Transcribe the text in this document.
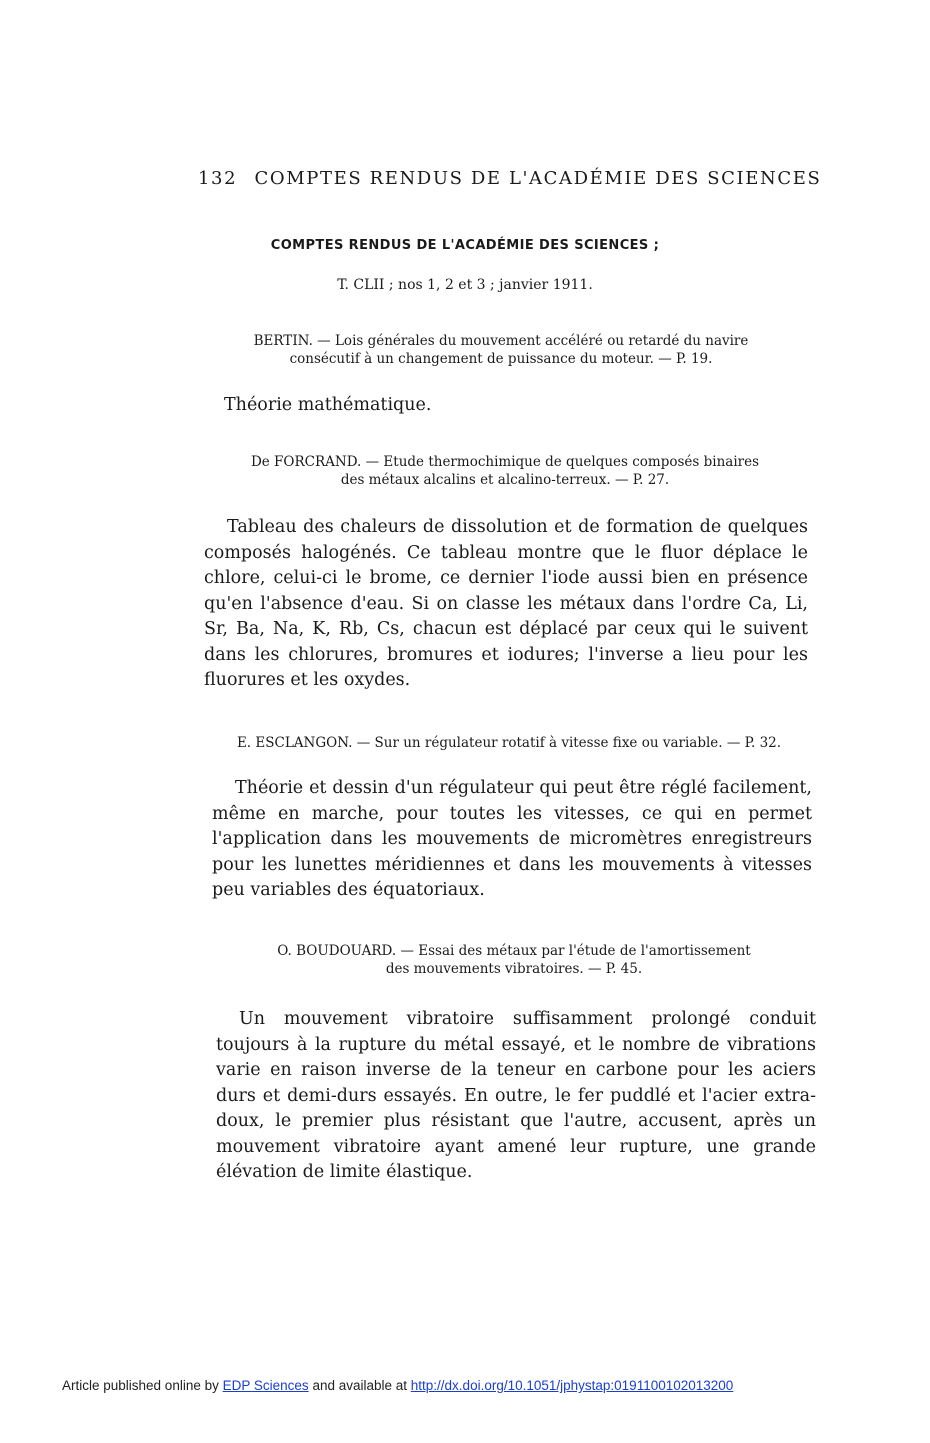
132 COMPTES RENDUS DE L'ACADÉMIE DES SCIENCES
COMPTES RENDUS DE L'ACADÉMIE DES SCIENCES ;
T. CLII ; nos 1, 2 et 3 ; janvier 1911.
BERTIN. — Lois générales du mouvement accéléré ou retardé du navire
consécutif à un changement de puissance du moteur. — P. 19.
Théorie mathématique.
De FORCRAND. — Etude thermochimique de quelques composés binaires
des métaux alcalins et alcalino-terreux. — P. 27.
Tableau des chaleurs de dissolution et de formation de quelques composés halogénés. Ce tableau montre que le fluor déplace le chlore, celui-ci le brome, ce dernier l'iode aussi bien en présence qu'en l'absence d'eau. Si on classe les métaux dans l'ordre Ca, Li, Sr, Ba, Na, K, Rb, Cs, chacun est déplacé par ceux qui le suivent dans les chlorures, bromures et iodures; l'inverse a lieu pour les fluorures et les oxydes.
E. ESCLANGON. — Sur un régulateur rotatif à vitesse fixe ou variable. — P. 32.
Théorie et dessin d'un régulateur qui peut être réglé facilement, même en marche, pour toutes les vitesses, ce qui en permet l'application dans les mouvements de micromètres enregistreurs pour les lunettes méridiennes et dans les mouvements à vitesses peu variables des équatoriaux.
O. BOUDOUARD. — Essai des métaux par l'étude de l'amortissement
des mouvements vibratoires. — P. 45.
Un mouvement vibratoire suffisamment prolongé conduit toujours à la rupture du métal essayé, et le nombre de vibrations varie en raison inverse de la teneur en carbone pour les aciers durs et demi-durs essayés. En outre, le fer puddlé et l'acier extra-doux, le premier plus résistant que l'autre, accusent, après un mouvement vibratoire ayant amené leur rupture, une grande élévation de limite élastique.
Article published online by EDP Sciences and available at http://dx.doi.org/10.1051/jphystap:0191100102013200
